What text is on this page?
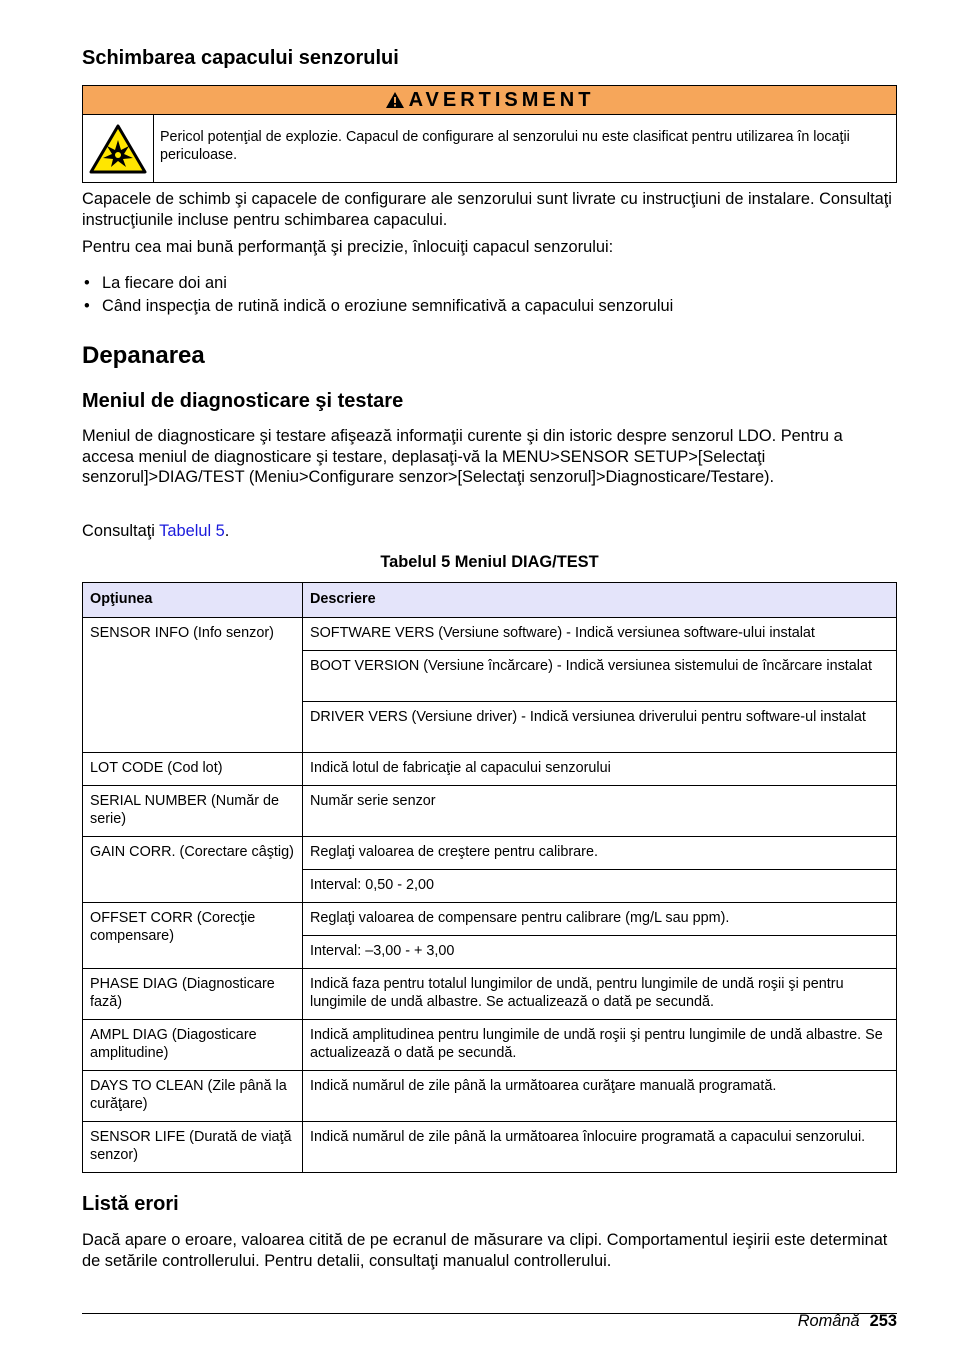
Schimbarea capacului senzorului
AVERTISMENT
Pericol potenţial de explozie. Capacul de configurare al senzorului nu este clasificat pentru utilizarea în locaţii periculoase.

Capacele de schimb şi capacele de configurare ale senzorului sunt livrate cu instrucţiuni de instalare. Consultaţi instrucţiunile incluse pentru schimbarea capacului.

Pentru cea mai bună performanţă şi precizie, înlocuiţi capacul senzorului:

• La fiecare doi ani
• Când inspecţia de rutină indică o eroziune semnificativă a capacului senzorului
Depanarea
Meniul de diagnosticare şi testare

Meniul de diagnosticare şi testare afişează informaţii curente şi din istoric despre senzorul LDO. Pentru a accesa meniul de diagnosticare şi testare, deplasaţi-vă la MENU>SENSOR SETUP>[Selectaţi senzorul]>DIAG/TEST (Meniu>Configurare senzor>[Selectaţi senzorul]>Diagnosticare/Testare).

Consultaţi Tabelul 5.

Tabelul 5 Meniul DIAG/TEST
Opţiunea	Descriere
SENSOR INFO (Info senzor)	SOFTWARE VERS (Versiune software) - Indică versiunea software-ului instalat
	BOOT VERSION (Versiune încărcare) - Indică versiunea sistemului de încărcare instalat
	DRIVER VERS (Versiune driver) - Indică versiunea driverului pentru software-ul instalat
LOT CODE (Cod lot)	Indică lotul de fabricaţie al capacului senzorului
SERIAL NUMBER (Număr de serie)	Număr serie senzor
GAIN CORR. (Corectare câştig)	Reglaţi valoarea de creştere pentru calibrare.
	Interval: 0,50 - 2,00
OFFSET CORR (Corecţie compensare)	Reglaţi valoarea de compensare pentru calibrare (mg/L sau ppm).
	Interval: –3,00 - + 3,00
PHASE DIAG (Diagnosticare fază)	Indică faza pentru totalul lungimilor de undă, pentru lungimile de undă roşii şi pentru lungimile de undă albastre. Se actualizează o dată pe secundă.
AMPL DIAG (Diagosticare amplitudine)	Indică amplitudinea pentru lungimile de undă roşii şi pentru lungimile de undă albastre. Se actualizează o dată pe secundă.
DAYS TO CLEAN (Zile până la curăţare)	Indică numărul de zile până la următoarea curăţare manuală programată.
SENSOR LIFE (Durată de viaţă senzor)	Indică numărul de zile până la următoarea înlocuire programată a capacului senzorului.
Listă erori

Dacă apare o eroare, valoarea citită de pe ecranul de măsurare va clipi. Comportamentul ieşirii este determinat de setările controllerului. Pentru detalii, consultaţi manualul controllerului.

Română 253
